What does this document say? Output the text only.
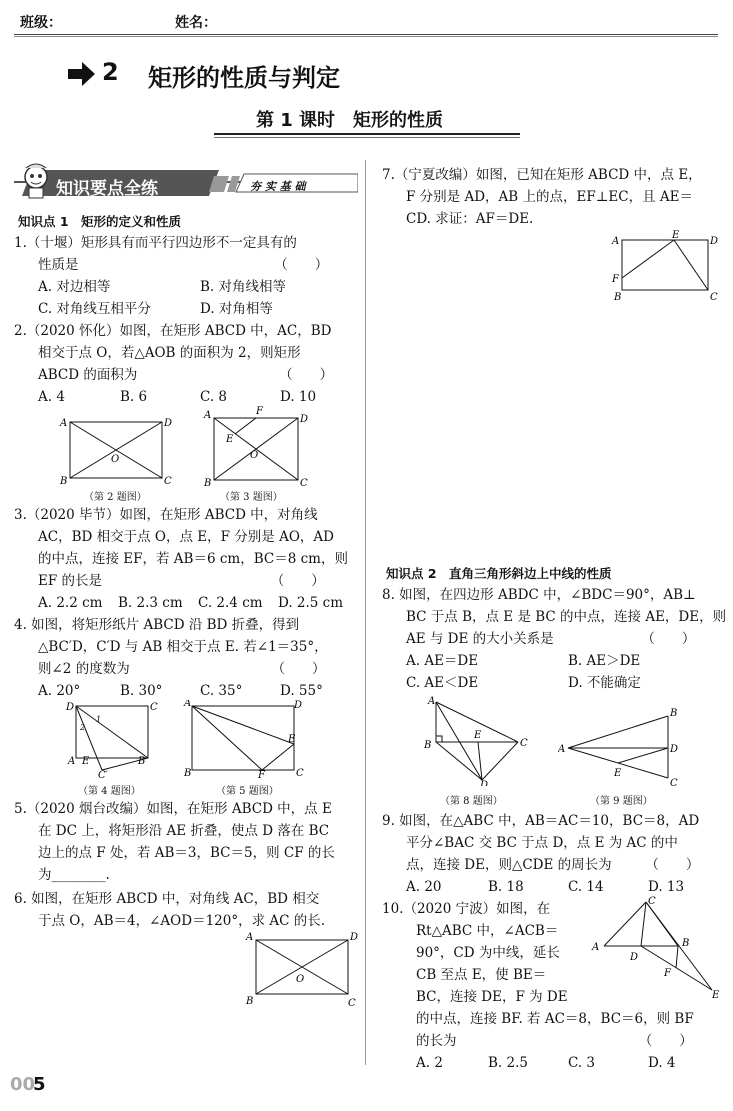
班级：	姓名：
2 矩形的性质与判定
第 1 课时　矩形的性质
知识要点全练	夯 实 基 础
知识点 1　矩形的定义和性质
1.（十堰）矩形具有而平行四边形不一定具有的
性质是　　　　　　　　　　　　　　　（　　）
A. 对边相等	B. 对角线相等
C. 对角线互相平分	D. 对角相等
2.（2020 怀化）如图，在矩形 ABCD 中，AC，BD
相交于点 O，若△AOB 的面积为 2，则矩形
ABCD 的面积为　　　　　　　　　　　（　　）
A. 4	B. 6	C. 8	D. 10
A	D
B	C
O
A	F
D
E
O
B	C
（第 2 题图）	（第 3 题图）
3.（2020 毕节）如图，在矩形 ABCD 中，对角线
AC，BD 相交于点 O，点 E，F 分别是 AO，AD
的中点，连接 EF，若 AB＝6 cm，BC＝8 cm，则
EF 的长是　　　　　　　　　　　　　（　　）
A. 2.2 cm B. 2.3 cm C. 2.4 cm D. 2.5 cm
4. 如图，将矩形纸片 ABCD 沿 BD 折叠，得到
△BC′D，C′D 与 AB 相交于点 E. 若∠1＝35°，
则∠2 的度数为　　　　　　　　　　　（　　）
A. 20°	B. 30°	C. 35°	D. 55°
D	C
A	B
E
C′
1
2
A	D
B	C
E
F
（第 4 题图）	（第 5 题图）
5.（2020 烟台改编）如图，在矩形 ABCD 中，点 E
在 DC 上，将矩形沿 AE 折叠，使点 D 落在 BC
边上的点 F 处，若 AB＝3，BC＝5，则 CF 的长
为________.
6. 如图，在矩形 ABCD 中，对角线 AC，BD 相交
于点 O，AB＝4，∠AOD＝120°，求 AC 的长.
A	D
B	C
O
7.（宁夏改编）如图，已知在矩形 ABCD 中，点 E，
F 分别是 AD，AB 上的点，EF⊥EC，且 AE＝
CD. 求证：AF＝DE.
A
E
D
F
B	C
知识点 2　直角三角形斜边上中线的性质
8. 如图，在四边形 ABDC 中，∠BDC＝90°，AB⊥
BC 于点 B，点 E 是 BC 的中点，连接 AE，DE，则
AE 与 DE 的大小关系是　　　　　　　（　　）
A. AE＝DE	B. AE＞DE
C. AE＜DE	D. 不能确定
A
B
E
C
D
A
B
D
C
E
（第 8 题图）	（第 9 题图）
9. 如图，在△ABC 中，AB＝AC＝10，BC＝8，AD
平分∠BAC 交 BC 于点 D，点 E 为 AC 的中
点，连接 DE，则△CDE 的周长为　　　（　　）
A. 20	B. 18	C. 14	D. 13
10.（2020 宁波）如图，在
Rt△ABC 中，∠ACB＝
90°，CD 为中线，延长
CB 至点 E，使 BE＝
BC，连接 DE，F 为 DE
的中点，连接 BF. 若 AC＝8，BC＝6，则 BF
的长为　　　　　　　　　　　　　　（　　）
A. 2	B. 2.5	C. 3	D. 4
C
A	B
D
F
E
00
5
